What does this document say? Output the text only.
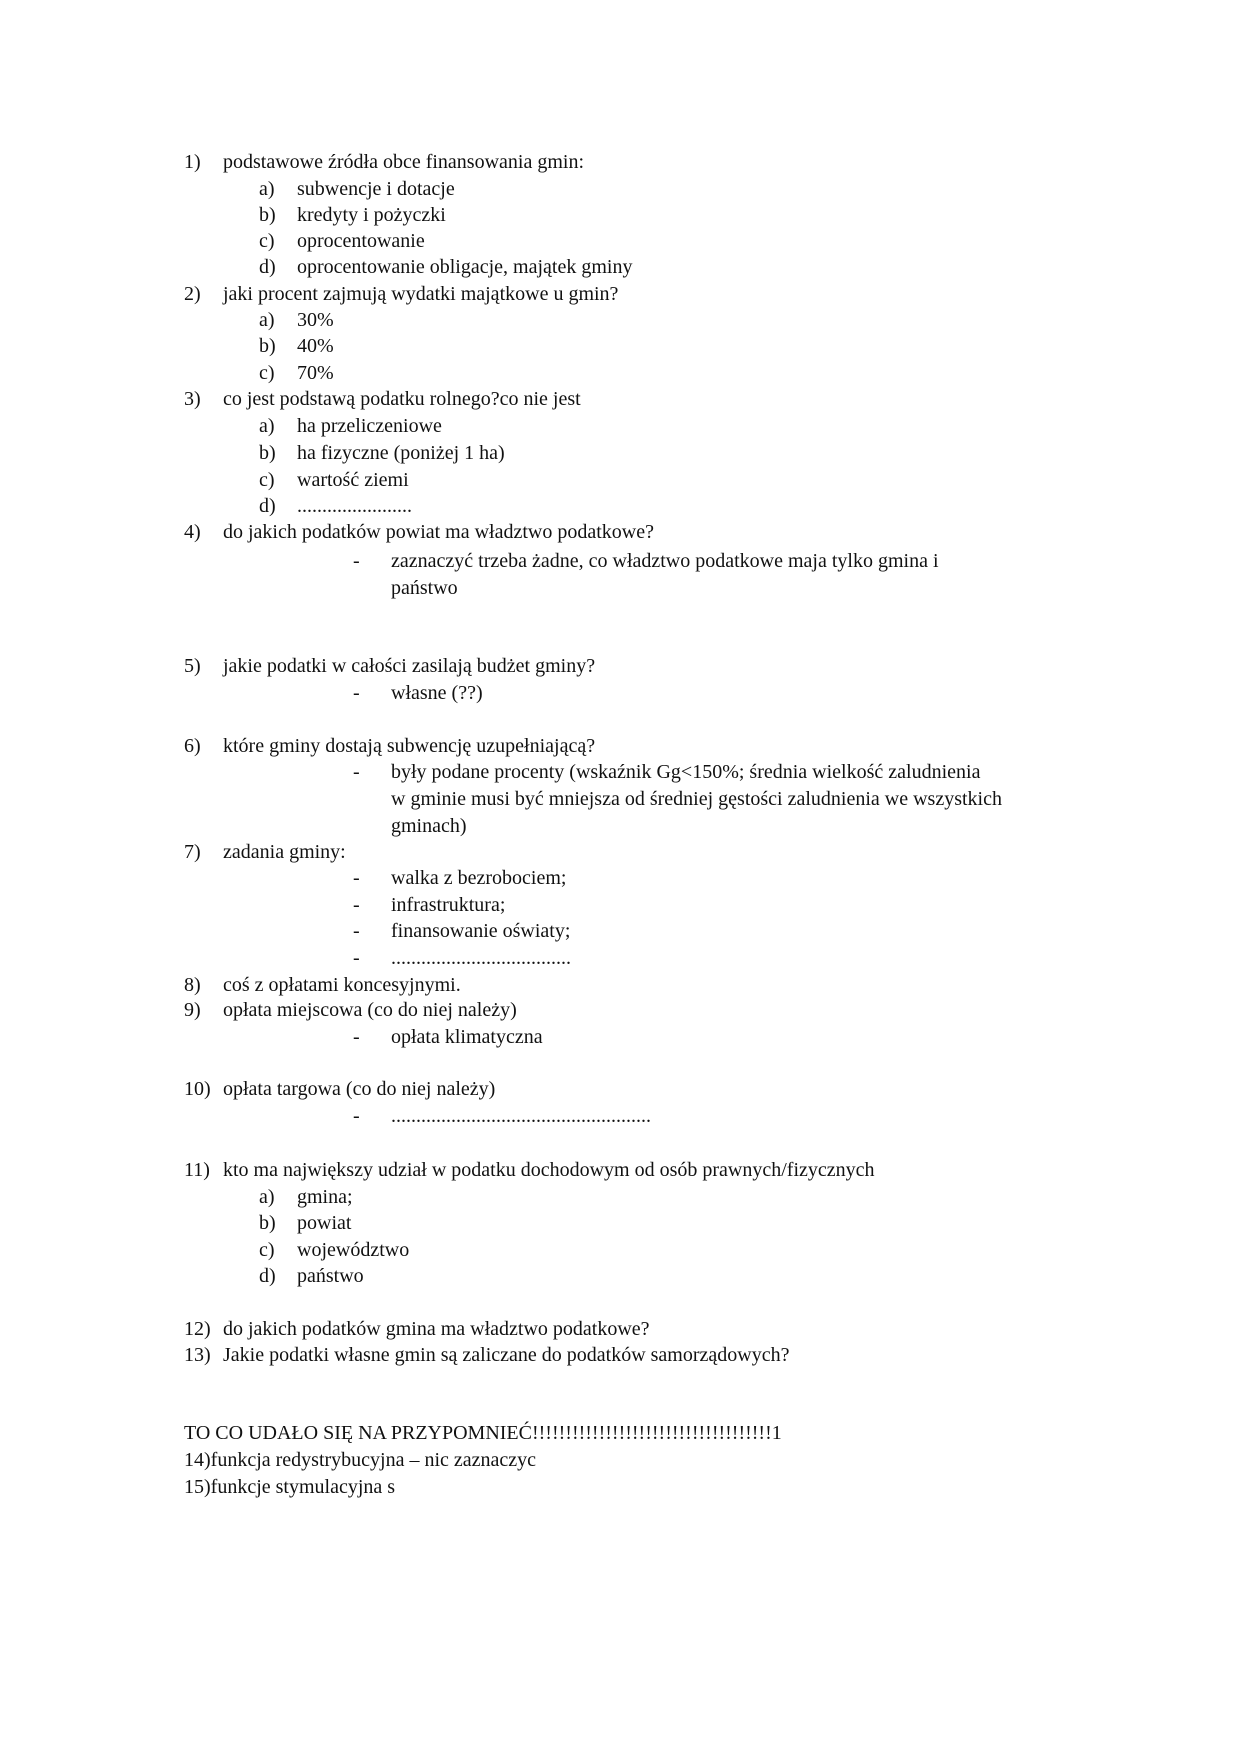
1) podstawowe źródła obce finansowania gmin:
a) subwencje i dotacje
b) kredyty i pożyczki
c) oprocentowanie
d) oprocentowanie obligacje, majątek gminy
2) jaki procent zajmują wydatki majątkowe u gmin?
a) 30%
b) 40%
c) 70%
3) co jest podstawą podatku rolnego?co nie jest
a) ha przeliczeniowe
b) ha fizyczne (poniżej 1 ha)
c) wartość ziemi
d) .......................
4) do jakich podatków powiat ma władztwo podatkowe?
- zaznaczyć trzeba żadne, co władztwo podatkowe maja tylko gmina i
państwo
5) jakie podatki w całości zasilają budżet gminy?
- własne (??)
6) które gminy dostają subwencję uzupełniającą?
- były podane procenty (wskaźnik Gg<150%; średnia wielkość zaludnienia
w gminie musi być mniejsza od średniej gęstości zaludnienia we wszystkich
gminach)
7) zadania gminy:
- walka z bezrobociem;
- infrastruktura;
- finansowanie oświaty;
- ....................................
8) coś z opłatami koncesyjnymi.
9) opłata miejscowa (co do niej należy)
- opłata klimatyczna
10) opłata targowa (co do niej należy)
- ....................................................
11) kto ma największy udział w podatku dochodowym od osób prawnych/fizycznych
a) gmina;
b) powiat
c) województwo
d) państwo
12) do jakich podatków gmina ma władztwo podatkowe?
13) Jakie podatki własne gmin są zaliczane do podatków samorządowych?
TO CO UDAŁO SIĘ NA PRZYPOMNIEĆ!!!!!!!!!!!!!!!!!!!!!!!!!!!!!!!!!!!!1
14)funkcja redystrybucyjna – nic zaznaczyc
15)funkcje stymulacyjna s
